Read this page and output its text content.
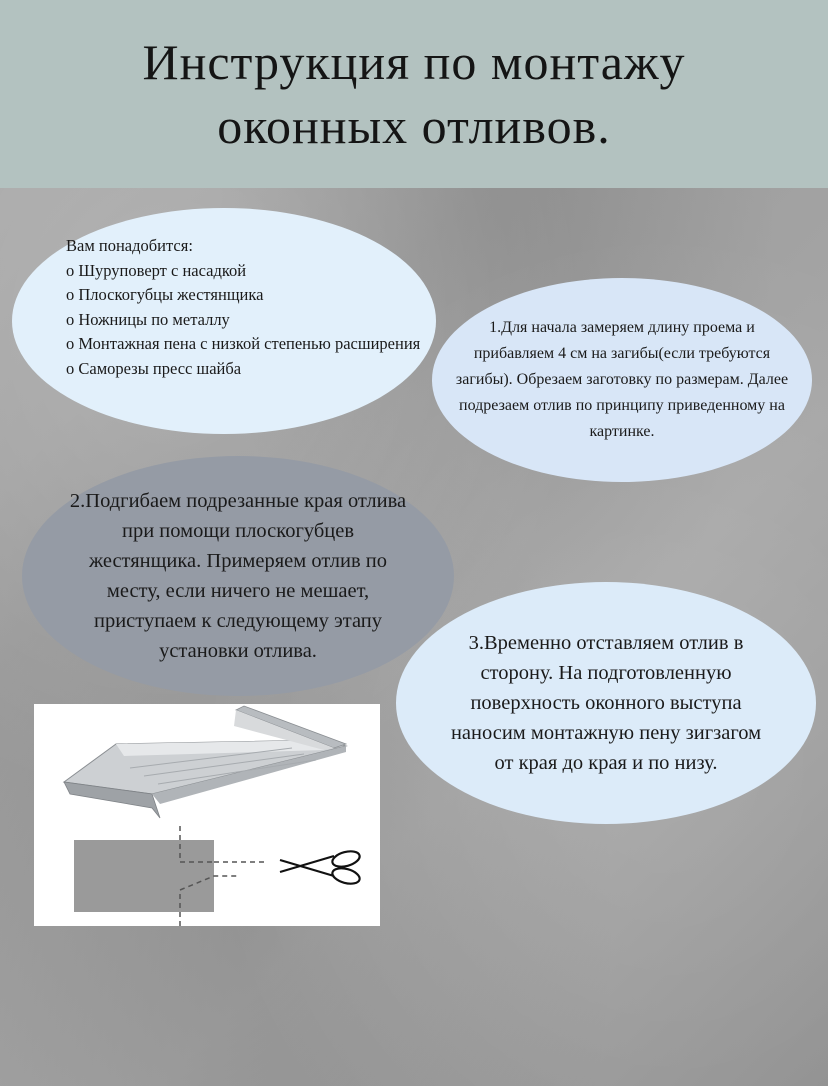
Инструкция по монтажу
оконных отливов.
Вам понадобится:
o Шуруповерт с насадкой
o Плоскогубцы жестянщика
o Ножницы по металлу
o Монтажная пена с низкой степенью расширения
o Саморезы пресс шайба
1.Для начала замеряем длину проема и прибавляем 4 см на загибы(если требуются загибы). Обрезаем заготовку по размерам. Далее подрезаем отлив по принципу приведенному на картинке.
2.Подгибаем подрезанные края отлива при помощи плоскогубцев жестянщика. Примеряем отлив по месту, если ничего не мешает, приступаем к следующему этапу установки отлива.	3.Временно отставляем отлив в сторону. На подготовленную поверхность оконного выступа наносим монтажную пену зигзагом от края до края и по низу.
